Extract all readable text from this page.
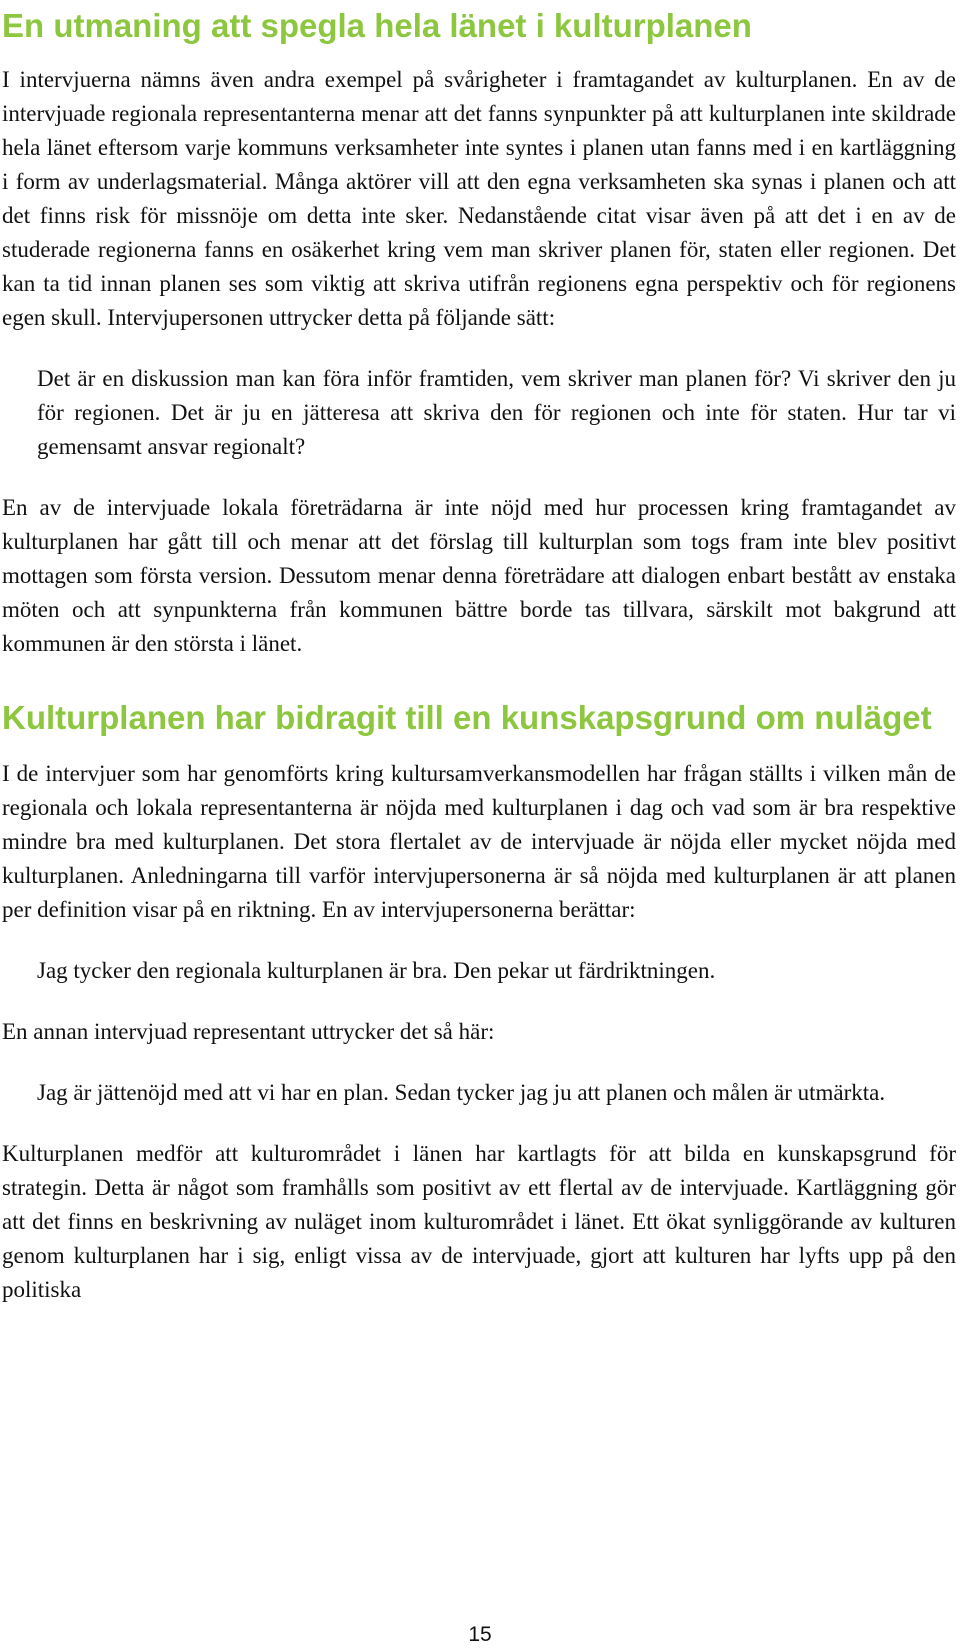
En utmaning att spegla hela länet i kulturplanen

I intervjuerna nämns även andra exempel på svårigheter i framtagandet av kulturplanen. En av de intervjuade regionala representanterna menar att det fanns synpunkter på att kulturplanen inte skildrade hela länet eftersom varje kommuns verksamheter inte syntes i planen utan fanns med i en kartläggning i form av underlagsmaterial. Många aktörer vill att den egna verksamheten ska synas i planen och att det finns risk för missnöje om detta inte sker. Nedanstående citat visar även på att det i en av de studerade regionerna fanns en osäkerhet kring vem man skriver planen för, staten eller regionen. Det kan ta tid innan planen ses som viktig att skriva utifrån regionens egna perspektiv och för regionens egen skull. Intervjupersonen uttrycker detta på följande sätt:

Det är en diskussion man kan föra inför framtiden, vem skriver man planen för? Vi skriver den ju för regionen. Det är ju en jätteresa att skriva den för regionen och inte för staten. Hur tar vi gemensamt ansvar regionalt?

En av de intervjuade lokala företrädarna är inte nöjd med hur processen kring framtagandet av kulturplanen har gått till och menar att det förslag till kulturplan som togs fram inte blev positivt mottagen som första version. Dessutom menar denna företrädare att dialogen enbart bestått av enstaka möten och att synpunkterna från kommunen bättre borde tas tillvara, särskilt mot bakgrund att kommunen är den största i länet.

Kulturplanen har bidragit till en kunskapsgrund om nuläget

I de intervjuer som har genomförts kring kultursamverkansmodellen har frågan ställts i vilken mån de regionala och lokala representanterna är nöjda med kulturplanen i dag och vad som är bra respektive mindre bra med kulturplanen. Det stora flertalet av de intervjuade är nöjda eller mycket nöjda med kulturplanen. Anledningarna till varför intervjupersonerna är så nöjda med kulturplanen är att planen per definition visar på en riktning. En av intervjupersonerna berättar:

Jag tycker den regionala kulturplanen är bra. Den pekar ut färdriktningen.

En annan intervjuad representant uttrycker det så här:

Jag är jättenöjd med att vi har en plan. Sedan tycker jag ju att planen och målen är utmärkta.

Kulturplanen medför att kulturområdet i länen har kartlagts för att bilda en kunskapsgrund för strategin. Detta är något som framhålls som positivt av ett flertal av de intervjuade. Kartläggning gör att det finns en beskrivning av nuläget inom kulturområdet i länet. Ett ökat synliggörande av kulturen genom kulturplanen har i sig, enligt vissa av de intervjuade, gjort att kulturen har lyfts upp på den politiska

15
